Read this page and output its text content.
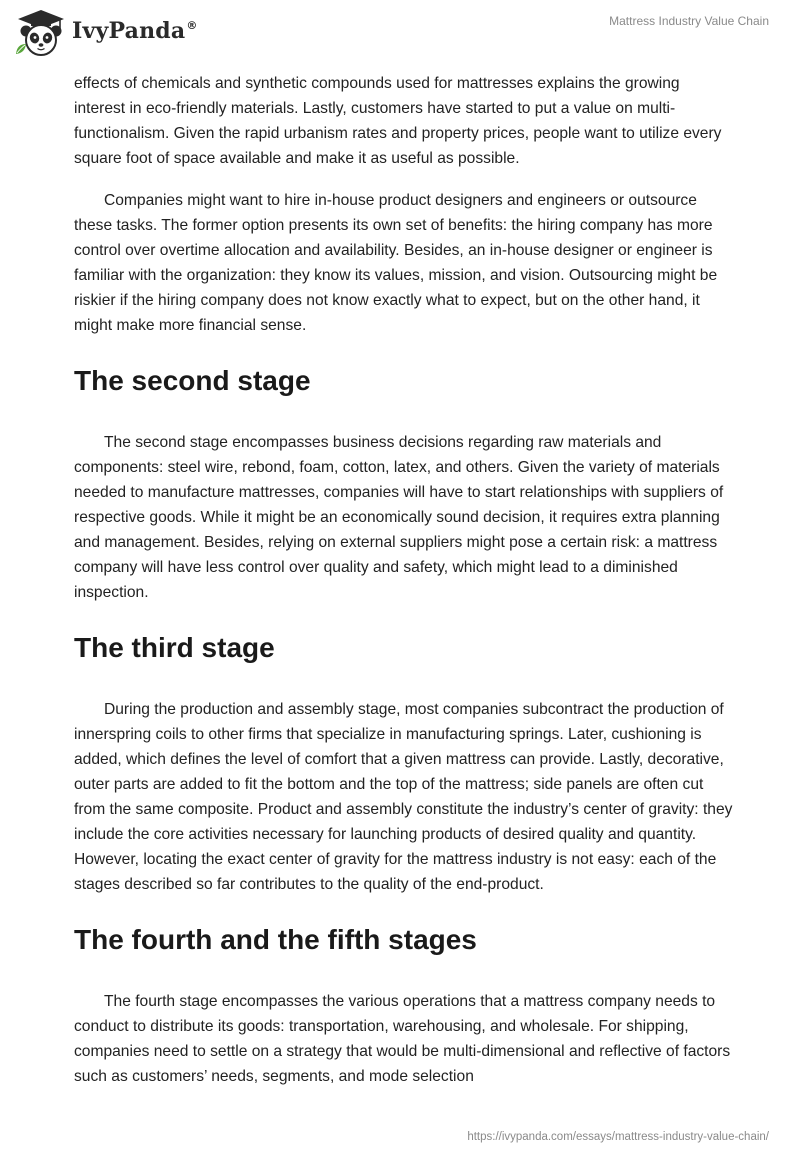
IvyPanda®	Mattress Industry Value Chain

effects of chemicals and synthetic compounds used for mattresses explains the growing interest in eco-friendly materials. Lastly, customers have started to put a value on multi-functionalism. Given the rapid urbanism rates and property prices, people want to utilize every square foot of space available and make it as useful as possible.

Companies might want to hire in-house product designers and engineers or outsource these tasks. The former option presents its own set of benefits: the hiring company has more control over overtime allocation and availability. Besides, an in-house designer or engineer is familiar with the organization: they know its values, mission, and vision. Outsourcing might be riskier if the hiring company does not know exactly what to expect, but on the other hand, it might make more financial sense.

The second stage

The second stage encompasses business decisions regarding raw materials and components: steel wire, rebond, foam, cotton, latex, and others. Given the variety of materials needed to manufacture mattresses, companies will have to start relationships with suppliers of respective goods. While it might be an economically sound decision, it requires extra planning and management. Besides, relying on external suppliers might pose a certain risk: a mattress company will have less control over quality and safety, which might lead to a diminished inspection.

The third stage

During the production and assembly stage, most companies subcontract the production of innerspring coils to other firms that specialize in manufacturing springs. Later, cushioning is added, which defines the level of comfort that a given mattress can provide. Lastly, decorative, outer parts are added to fit the bottom and the top of the mattress; side panels are often cut from the same composite. Product and assembly constitute the industry’s center of gravity: they include the core activities necessary for launching products of desired quality and quantity. However, locating the exact center of gravity for the mattress industry is not easy: each of the stages described so far contributes to the quality of the end-product.

The fourth and the fifth stages

The fourth stage encompasses the various operations that a mattress company needs to conduct to distribute its goods: transportation, warehousing, and wholesale. For shipping, companies need to settle on a strategy that would be multi-dimensional and reflective of factors such as customers’ needs, segments, and mode selection

https://ivypanda.com/essays/mattress-industry-value-chain/
